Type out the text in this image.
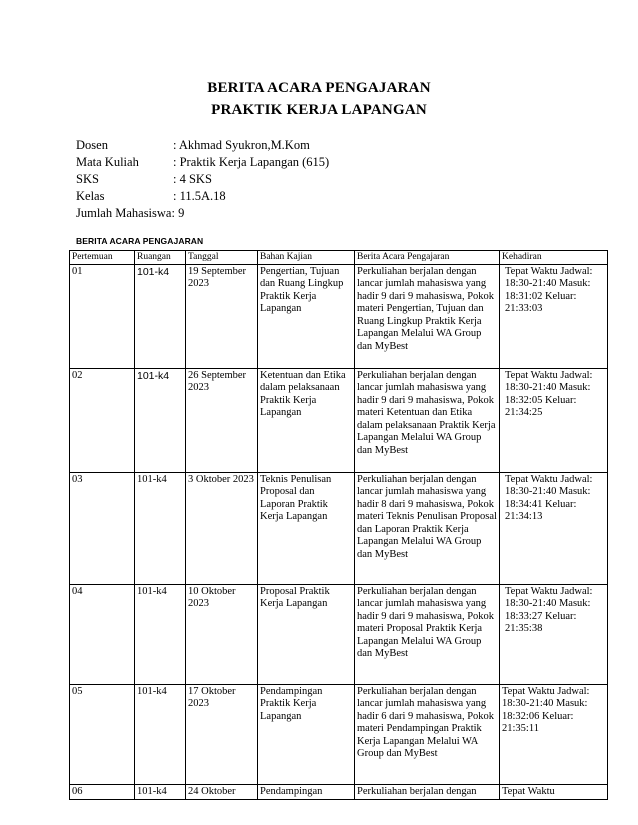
BERITA ACARA PENGAJARAN
PRAKTIK KERJA LAPANGAN
Dosen	: Akhmad Syukron,M.Kom
Mata Kuliah	: Praktik Kerja Lapangan (615)
SKS	: 4 SKS
Kelas	: 11.5A.18
Jumlah Mahasiswa: 9
BERITA ACARA PENGAJARAN
Pertemuan	Ruangan	Tanggal	Bahan Kajian	Berita Acara Pengajaran	Kehadiran
01	101-k4	19 September 2023	Pengertian, Tujuan dan Ruang Lingkup Praktik Kerja Lapangan	Perkuliahan berjalan dengan lancar jumlah mahasiswa yang hadir 9 dari 9 mahasiswa, Pokok materi Pengertian, Tujuan dan Ruang Lingkup Praktik Kerja Lapangan Melalui WA Group dan MyBest	Tepat Waktu Jadwal: 18:30-21:40 Masuk: 18:31:02 Keluar: 21:33:03
02	101-k4	26 September 2023	Ketentuan dan Etika dalam pelaksanaan Praktik Kerja Lapangan	Perkuliahan berjalan dengan lancar jumlah mahasiswa yang hadir 9 dari 9 mahasiswa, Pokok materi Ketentuan dan Etika dalam pelaksanaan Praktik Kerja Lapangan Melalui WA Group dan MyBest	Tepat Waktu Jadwal: 18:30-21:40 Masuk: 18:32:05 Keluar: 21:34:25
03	101-k4	3 Oktober 2023	Teknis Penulisan Proposal dan Laporan Praktik Kerja Lapangan	Perkuliahan berjalan dengan lancar jumlah mahasiswa yang hadir 8 dari 9 mahasiswa, Pokok materi Teknis Penulisan Proposal dan Laporan Praktik Kerja Lapangan Melalui WA Group dan MyBest	Tepat Waktu Jadwal: 18:30-21:40 Masuk: 18:34:41 Keluar: 21:34:13
04	101-k4	10 Oktober 2023	Proposal Praktik Kerja Lapangan	Perkuliahan berjalan dengan lancar jumlah mahasiswa yang hadir 9 dari 9 mahasiswa, Pokok materi Proposal Praktik Kerja Lapangan Melalui WA Group dan MyBest	Tepat Waktu Jadwal: 18:30-21:40 Masuk: 18:33:27 Keluar: 21:35:38
05	101-k4	17 Oktober 2023	Pendampingan Praktik Kerja Lapangan	Perkuliahan berjalan dengan lancar jumlah mahasiswa yang hadir 6 dari 9 mahasiswa, Pokok materi Pendampingan Praktik Kerja Lapangan Melalui WA Group dan MyBest	Tepat Waktu Jadwal: 18:30-21:40 Masuk: 18:32:06 Keluar: 21:35:11
06	101-k4	24 Oktober	Pendampingan	Perkuliahan berjalan dengan	Tepat Waktu
